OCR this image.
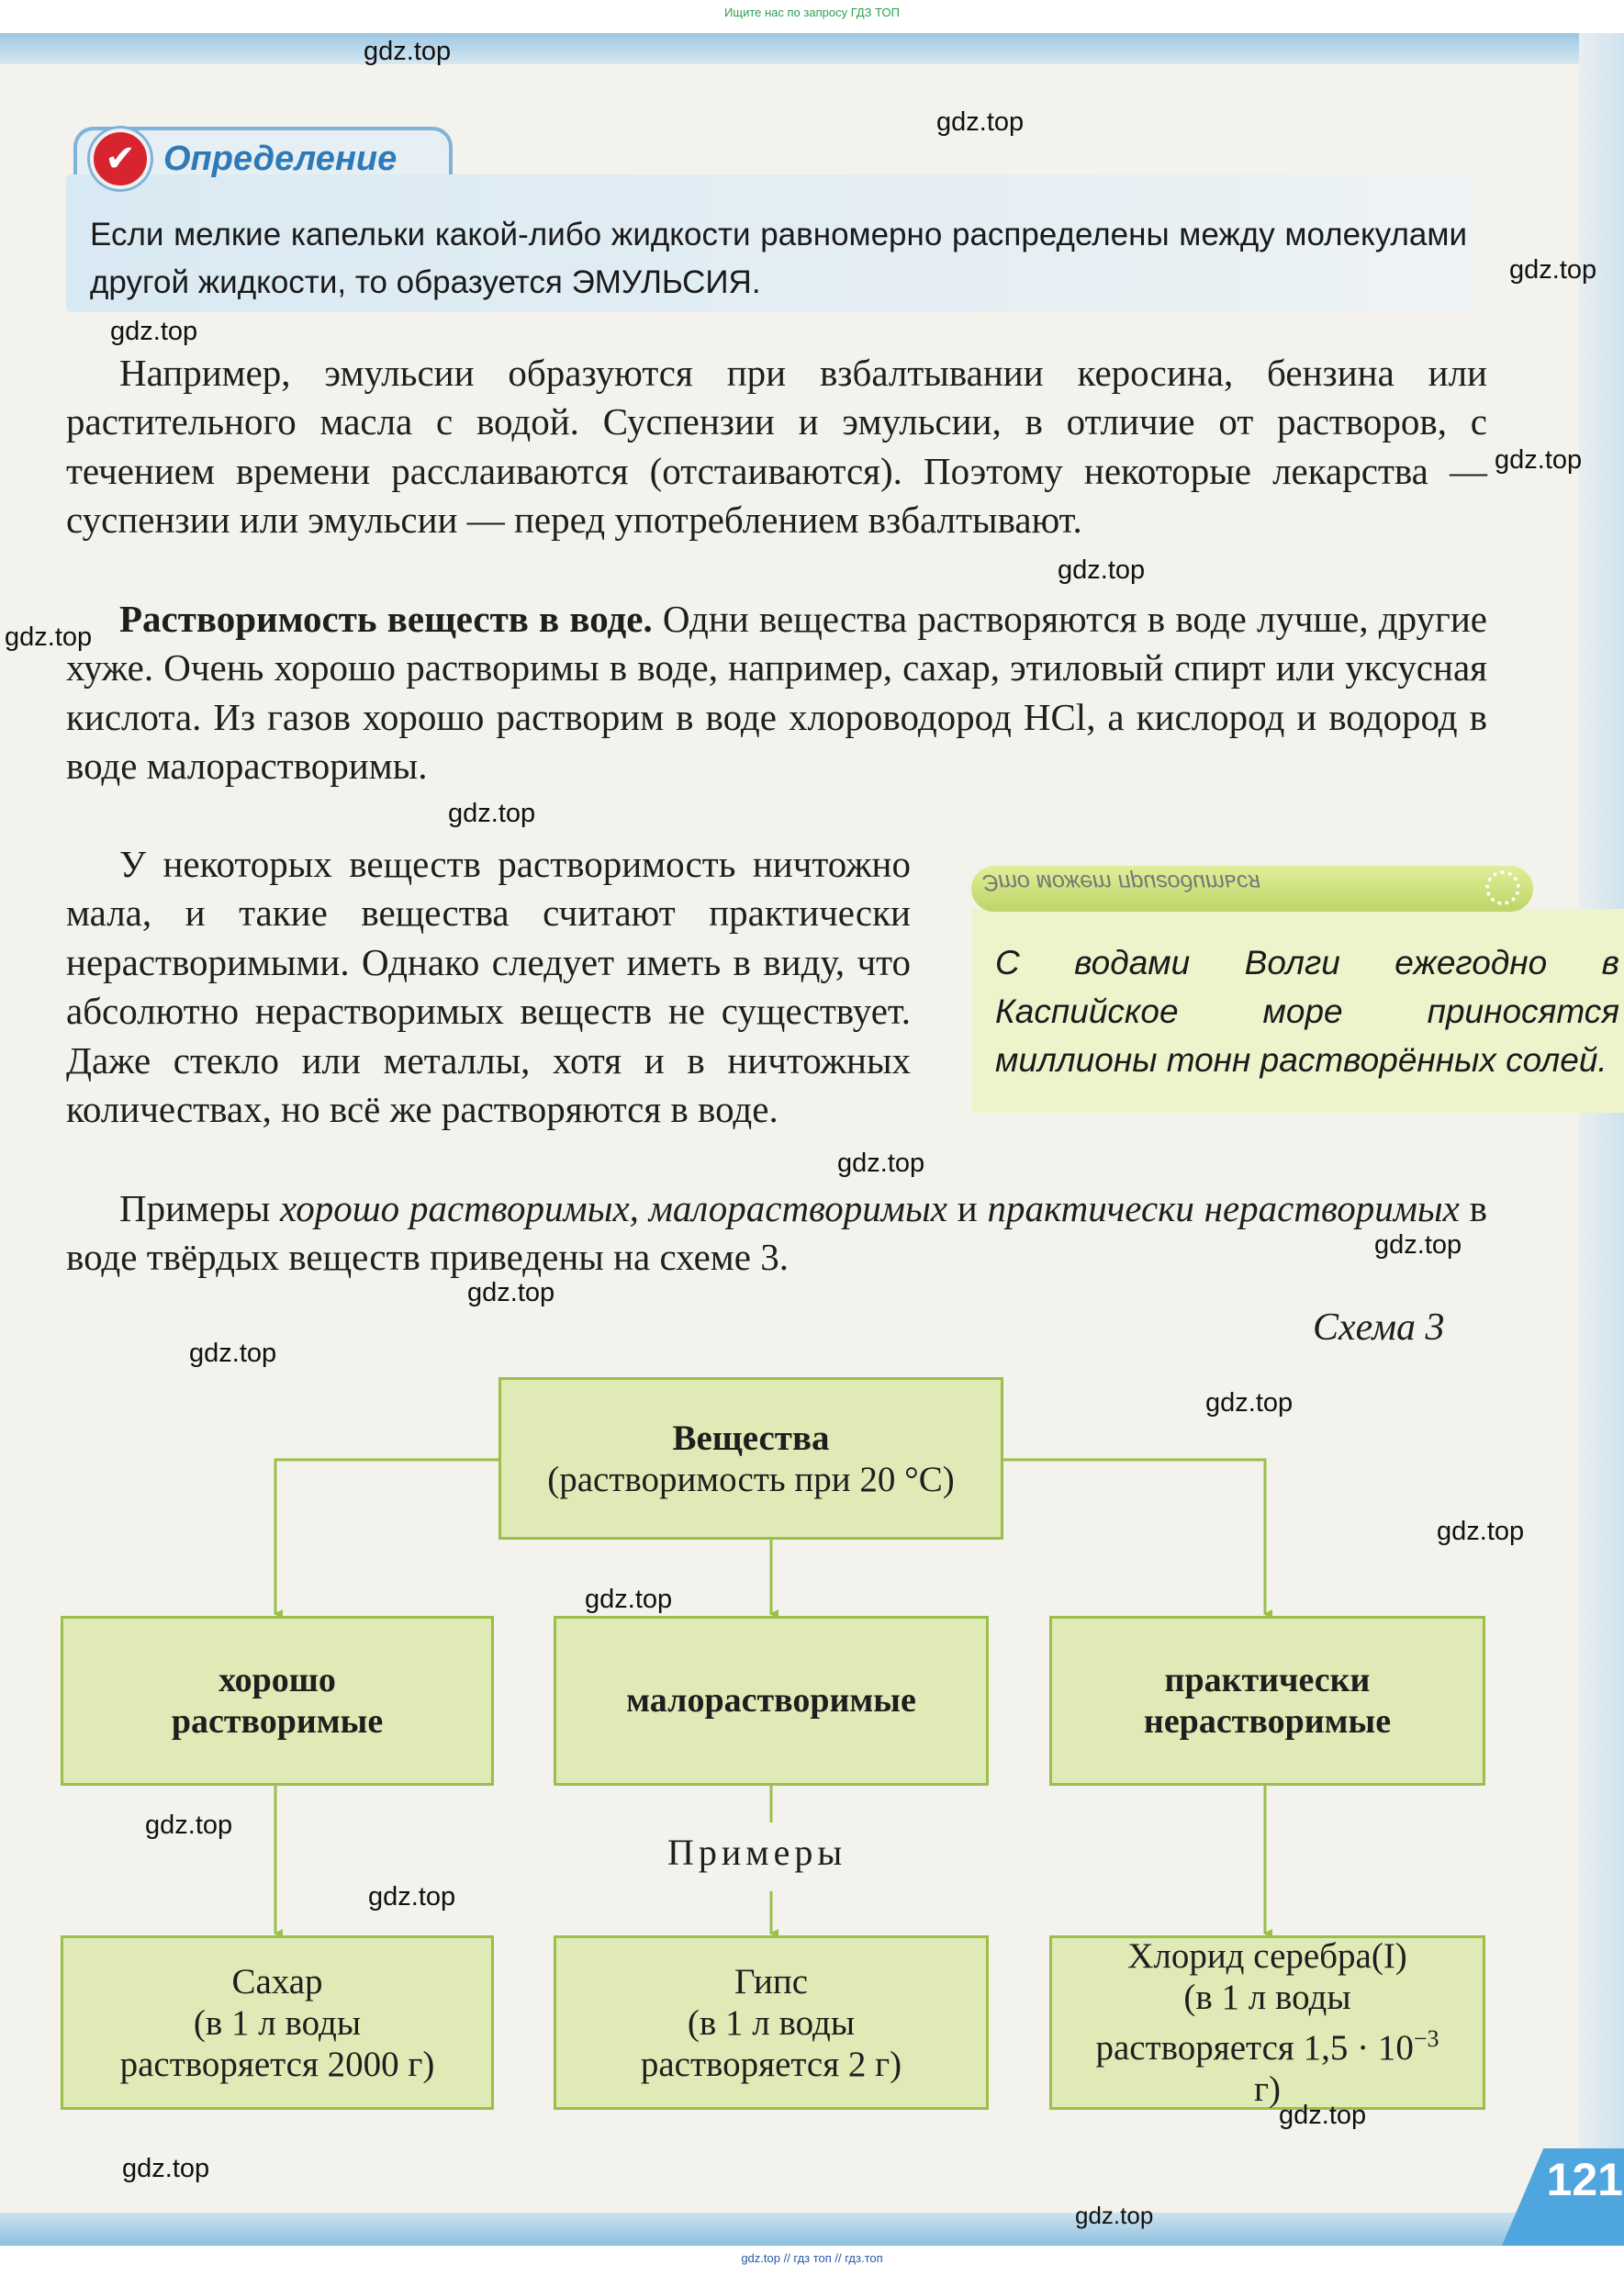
Ищите нас по запросу ГДЗ ТОП
✔ Определение
Если мелкие капельки какой-либо жидкости равномерно распределены между молекулами другой жидкости, то образуется ЭМУЛЬСИЯ.
Например, эмульсии образуются при взбалтывании керосина, бензина или растительного масла с водой. Суспензии и эмульсии, в отличие от растворов, с течением времени расслаиваются (отстаиваются). Поэтому некоторые лекарства — суспензии или эмульсии — перед употреблением взбалтывают.
Растворимость веществ в воде. Одни вещества растворяются в воде лучше, другие хуже. Очень хорошо растворимы в воде, например, сахар, этиловый спирт или уксусная кислота. Из газов хорошо растворим в воде хлороводород HCl, а кислород и водород в воде малорастворимы.
У некоторых веществ растворимость ничтожно мала, и такие вещества считают практически нерастворимыми. Однако следует иметь в виду, что абсолютно нерастворимых веществ не существует. Даже стекло или металлы, хотя и в ничтожных количествах, но всё же растворяются в воде.
Примеры хорошо растворимых, малорастворимых и практически нерастворимых в воде твёрдых веществ приведены на схеме 3.
Это может пригодиться
С водами Волги ежегодно в Каспийское море приносятся миллионы тонн растворённых солей.
Схема 3
Вещества
(растворимость при 20 °С)
хорошо растворимые
малорастворимые
практически нерастворимые
Примеры
Сахар
(в 1 л воды
растворяется 2000 г)
Гипс
(в 1 л воды
растворяется 2 г)
Хлорид серебра(I)
(в 1 л воды растворяется $1,5 \cdot 10^{-3}$ г)
121
gdz.top // гдз топ // гдз.топ
gdz.top
gdz.top
gdz.top
gdz.top
gdz.top
gdz.top
gdz.top
gdz.top
gdz.top
gdz.top
gdz.top
gdz.top
gdz.top
gdz.top
gdz.top
gdz.top
gdz.top
gdz.top
gdz.top
gdz.top
